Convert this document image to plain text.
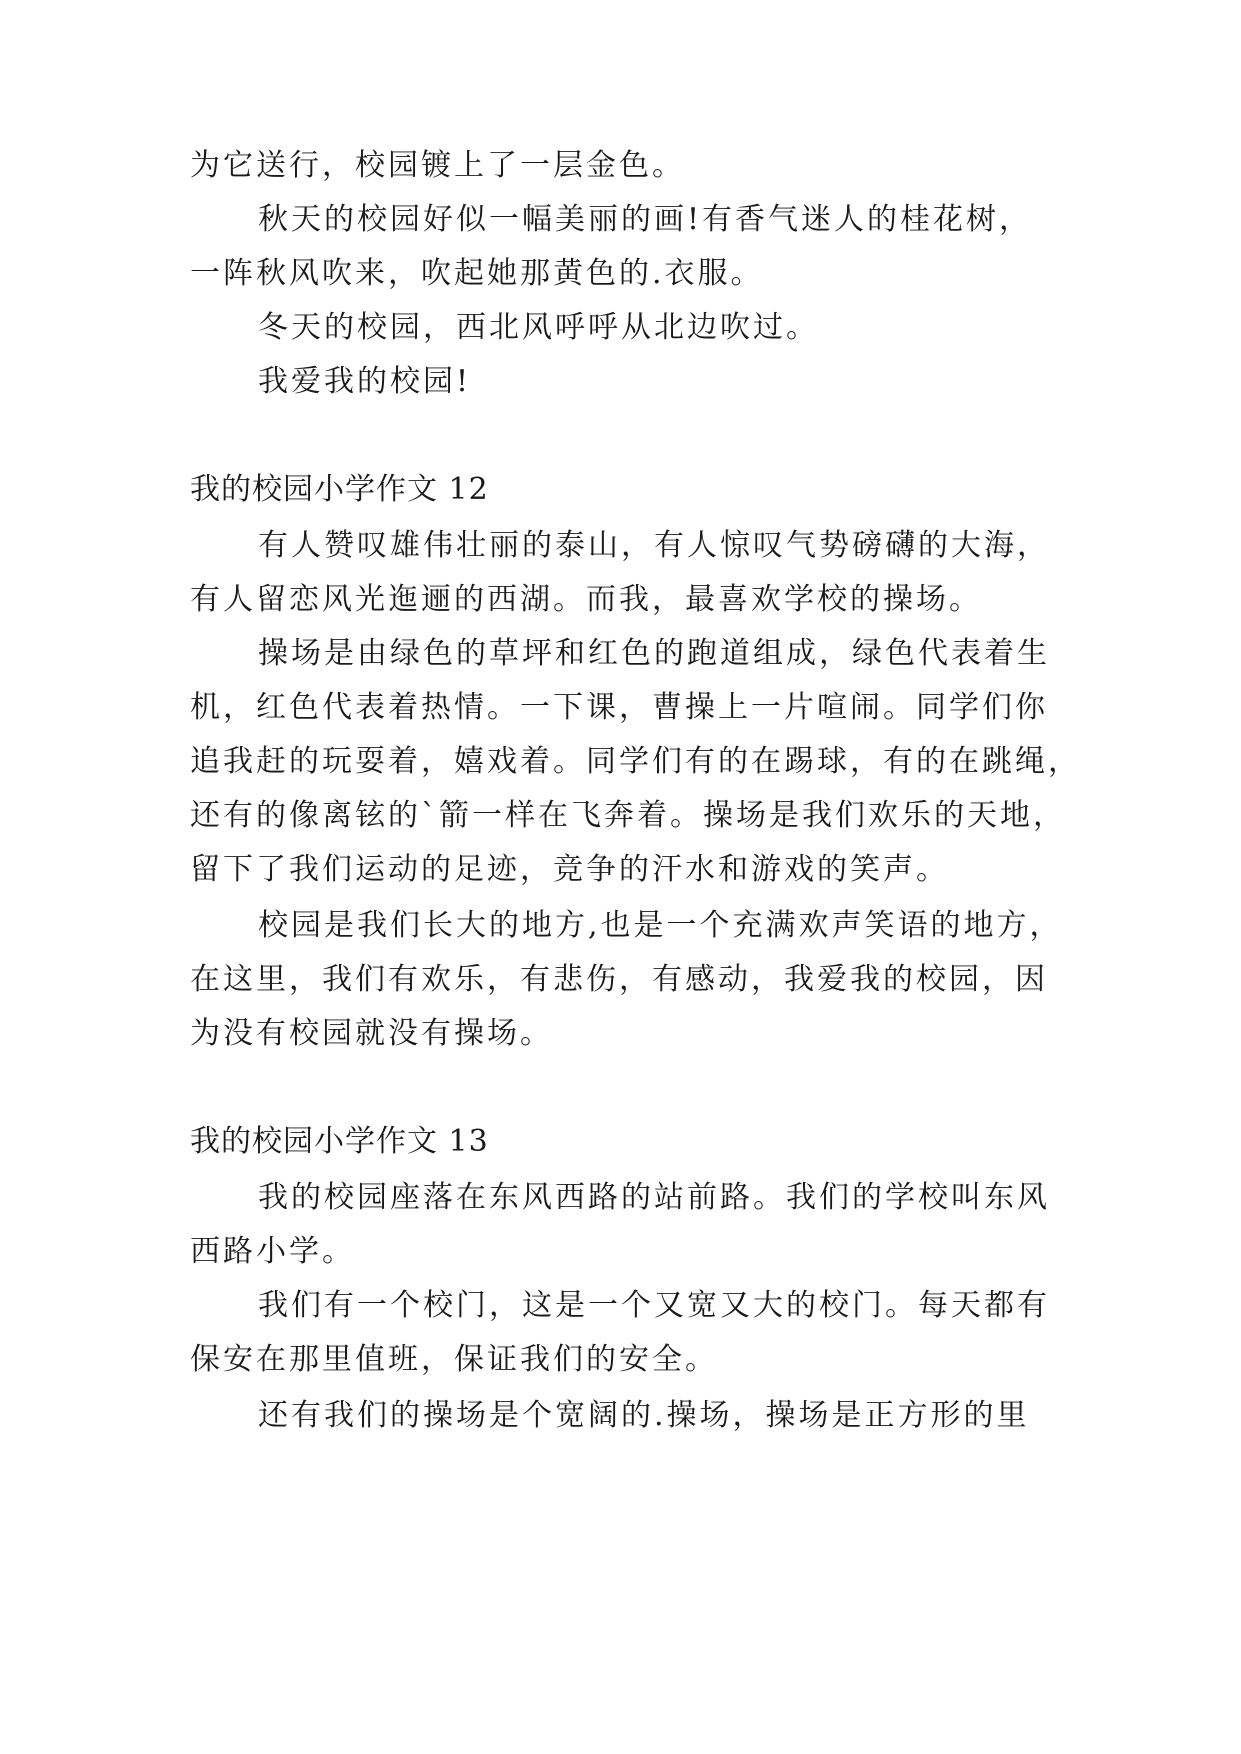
为它送行，校园镀上了一层金色。
秋天的校园好似一幅美丽的画!有香气迷人的桂花树，
一阵秋风吹来，吹起她那黄色的.衣服。
冬天的校园，西北风呼呼从北边吹过。
我爱我的校园!
我的校园小学作文 12
有人赞叹雄伟壮丽的泰山，有人惊叹气势磅礴的大海，
有人留恋风光迤逦的西湖。而我，最喜欢学校的操场。
操场是由绿色的草坪和红色的跑道组成，绿色代表着生
机，红色代表着热情。一下课，曹操上一片喧闹。同学们你
追我赶的玩耍着，嬉戏着。同学们有的在踢球，有的在跳绳，
还有的像离铉的`箭一样在飞奔着。操场是我们欢乐的天地，
留下了我们运动的足迹，竞争的汗水和游戏的笑声。
校园是我们长大的地方,也是一个充满欢声笑语的地方，
在这里，我们有欢乐，有悲伤，有感动，我爱我的校园，因
为没有校园就没有操场。
我的校园小学作文 13
我的校园座落在东风西路的站前路。我们的学校叫东风
西路小学。
我们有一个校门，这是一个又宽又大的校门。每天都有
保安在那里值班，保证我们的安全。
还有我们的操场是个宽阔的.操场，操场是正方形的里
